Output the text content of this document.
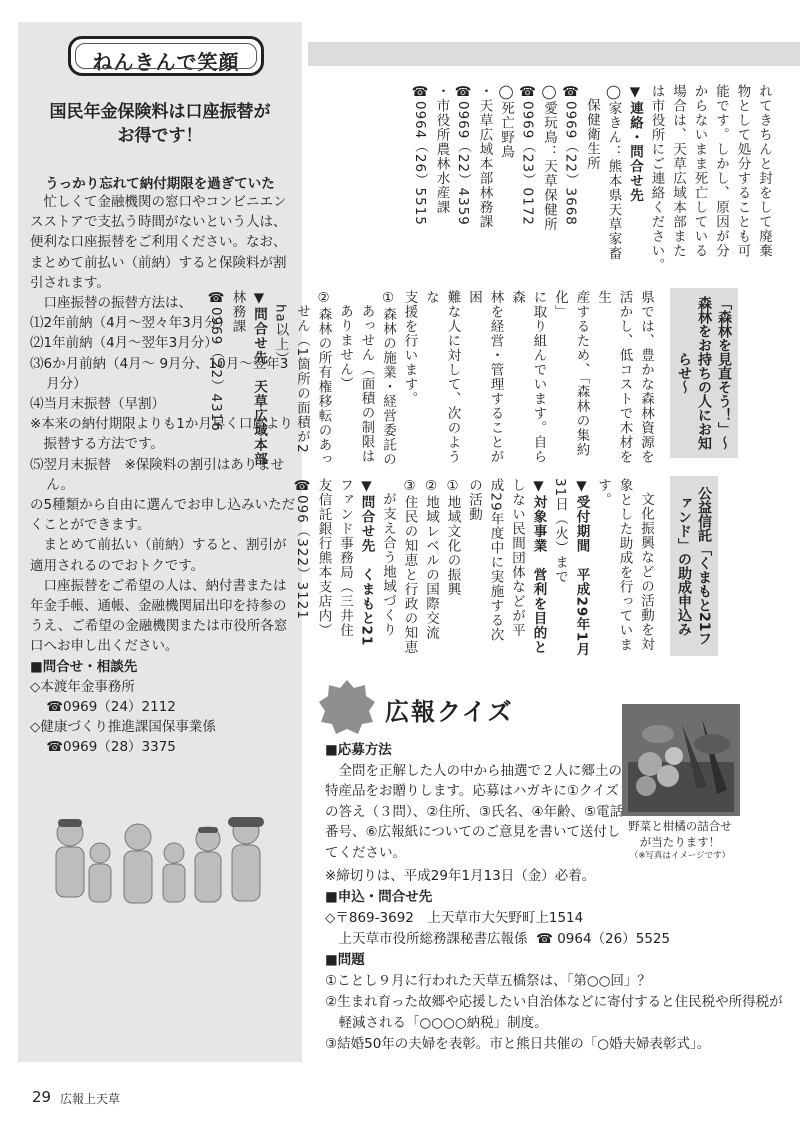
ねんきんで笑顔
国民年金保険料は口座振替が
お得です！
うっかり忘れて納付期限を過ぎていた

忙しくて金融機関の窓口やコンビニエンスストアで支払う時間がないという人は、便利な口座振替をご利用ください。なお、まとめて前払い（前納）すると保険料が割引されます。

口座振替の振替方法は、

⑴2年前納（4月～翌々年3月分）

⑵1年前納（4月～翌年3月分）

⑶6か月前納（4月～ 9月分、10月～翌年3月分）

⑷当月末振替（早割）

※本来の納付期限よりも1か月早く口座より振替する方法です。

⑸翌月末振替　※保険料の割引はありません。

の5種類から自由に選んでお申し込みいただくことができます。

まとめて前払い（前納）すると、割引が適用されるのでおトクです。

口座振替をご希望の人は、納付書または年金手帳、通帳、金融機関届出印を持参のうえ、ご希望の金融機関または市役所各窓口へお申し出ください。

■問合せ・相談先

◇本渡年金事務所

☎0969（24）2112

◇健康づくり推進課国保事業係

☎0969（28）3375

れてきちんと封をして廃棄

物として処分することも可

能です。しかし、原因が分

からないまま死亡している

場合は、天草広域本部また

は市役所にご連絡ください。

▼連絡・問合せ先

◯家きん：熊本県天草家畜

保健衛生所

☎0969（22）3668

◯愛玩鳥：天草保健所

☎0969（23）0172

◯死亡野鳥

・天草広域本部林務課

☎0969（22）4359

・市役所農林水産課

☎0964（26）5515

「森林を見直そう！」～森林をお持ちの人にお知らせ～

県では、豊かな森林資源を

活かし、低コストで木材を生

産するため、「森林の集約化」

に取り組んでいます。自ら森

林を経営・管理することが困

難な人に対して、次のような

支援を行います。

①森林の施業・経営委託の

あっせん（面積の制限は

ありません）

②森林の所有権移転のあっ

せん（1箇所の面積が2

ha以上）

▼問合せ先　天草広域本部

林務課

☎0969（22）4316

公益信託「くまもと21ファンド」の助成申込み

文化振興などの活動を対

象とした助成を行っています。

▼受付期間　平成29年1月

31日（火）まで

▼対象事業　営利を目的と

しない民間団体などが平

成29年度中に実施する次

の活動

①地域文化の振興

②地域レベルの国際交流

③住民の知恵と行政の知恵

が支え合う地域づくり

▼問合せ先　くまもと21

ファンド事務局（三井住

友信託銀行熊本支店内）

☎096（322）3121

広報クイズ
野菜と柑橘の詰合せ
が当たります！
（※写真はイメージです）

■応募方法

全問を正解した人の中から抽選で２人に郷土の特産品をお贈りします。応募はハガキに①クイズの答え（３問）、②住所、③氏名、④年齢、⑤電話番号、⑥広報紙についてのご意見を書いて送付してください。

※締切りは、平成29年1月13日（金）必着。

■申込・問合せ先

◇〒869-3692　上天草市大矢野町上1514

上天草市役所総務課秘書広報係 ☎ 0964（26）5525

■問題

①ことし９月に行われた天草五橋祭は、「第○○回」？

②生まれ育った故郷や応援したい自治体などに寄付すると住民税や所得税が軽減される「○○○○納税」制度。

③結婚50年の夫婦を表彰。市と熊日共催の「○婚夫婦表彰式」。

29 広報上天草
